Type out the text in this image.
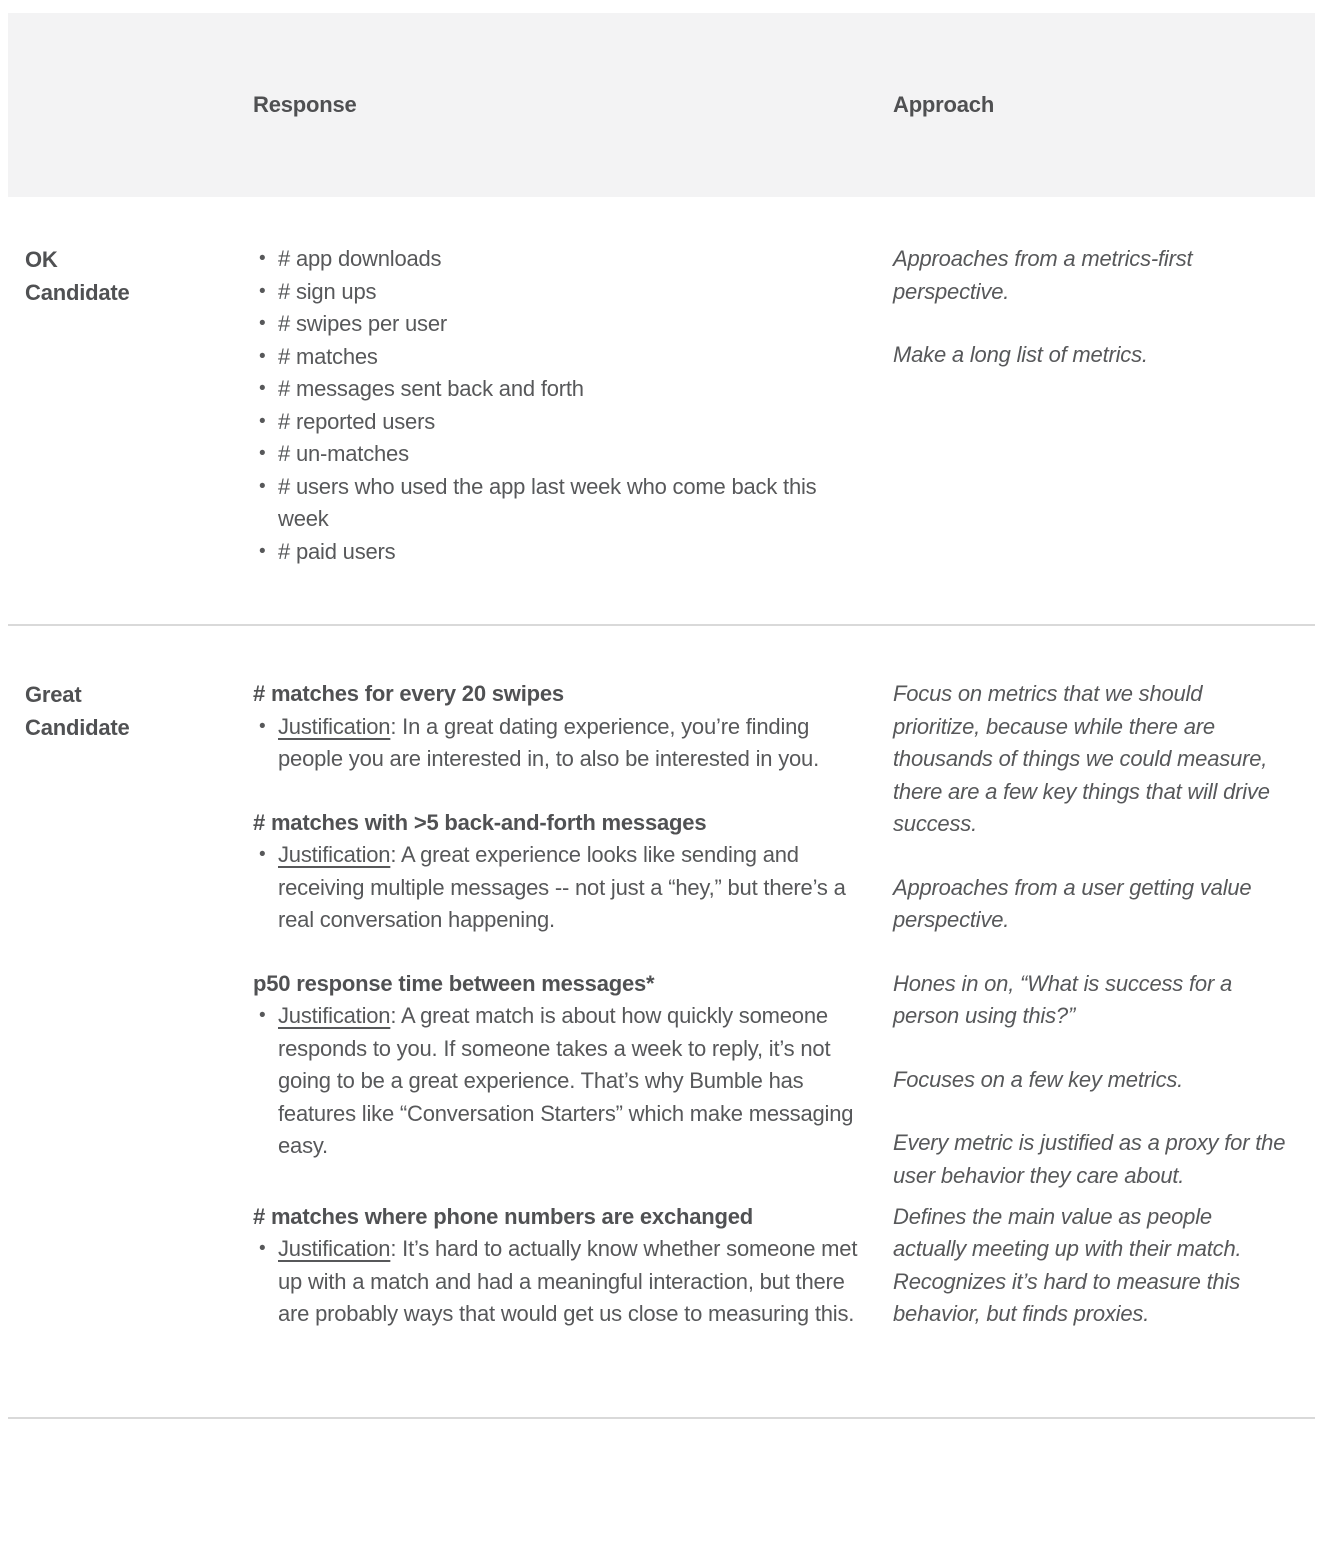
Response	Approach
OK
Candidate
• # app downloads
• # sign ups
• # swipes per user
• # matches
• # messages sent back and forth
• # reported users
• # un-matches
• # users who used the app last week who come back this week
• # paid users

Approaches from a metrics-first perspective.

Make a long list of metrics.

Great
Candidate
# matches for every 20 swipes
• Justification: In a great dating experience, you’re finding people you are interested in, to also be interested in you.
# matches with >5 back-and-forth messages
• Justification: A great experience looks like sending and receiving multiple messages -- not just a “hey,” but there’s a real conversation happening.
p50 response time between messages*
• Justification: A great match is about how quickly someone responds to you. If someone takes a week to reply, it’s not going to be a great experience. That’s why Bumble has features like “Conversation Starters” which make messaging easy.

Focus on metrics that we should prioritize, because while there are thousands of things we could measure, there are a few key things that will drive success.

Approaches from a user getting value perspective.

Hones in on, “What is success for a person using this?”

Focuses on a few key metrics.

Every metric is justified as a proxy for the user behavior they care about.

# matches where phone numbers are exchanged
• Justification: It’s hard to actually know whether someone met up with a match and had a meaningful interaction, but there are probably ways that would get us close to measuring this.

Defines the main value as people actually meeting up with their match. Recognizes it’s hard to measure this behavior, but finds proxies.
